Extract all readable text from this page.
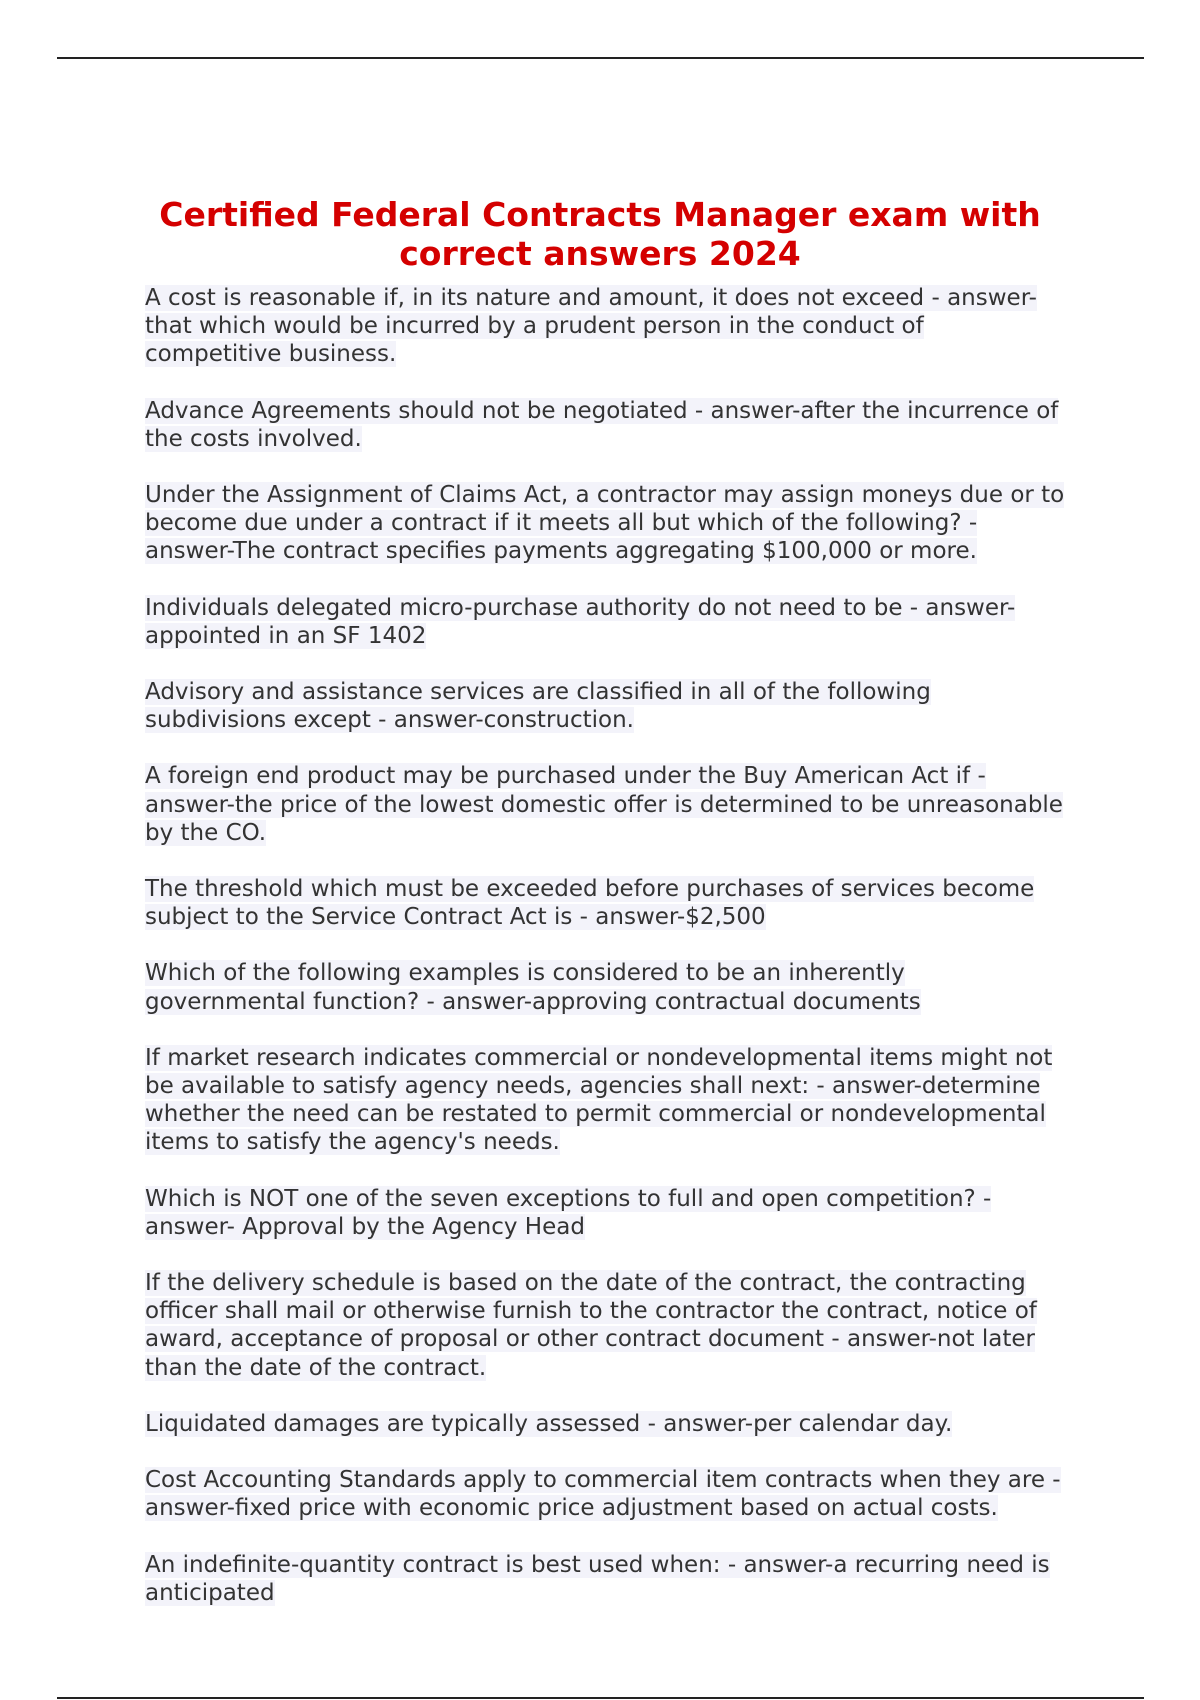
Certified Federal Contracts Manager exam with correct answers 2024
A cost is reasonable if, in its nature and amount, it does not exceed - answer-that which would be incurred by a prudent person in the conduct of competitive business.
Advance Agreements should not be negotiated - answer-after the incurrence of the costs involved.
Under the Assignment of Claims Act, a contractor may assign moneys due or to become due under a contract if it meets all but which of the following? - answer-The contract specifies payments aggregating $100,000 or more.
Individuals delegated micro-purchase authority do not need to be - answer-appointed in an SF 1402
Advisory and assistance services are classified in all of the following subdivisions except - answer-construction.
A foreign end product may be purchased under the Buy American Act if - answer-the price of the lowest domestic offer is determined to be unreasonable by the CO.
The threshold which must be exceeded before purchases of services become subject to the Service Contract Act is - answer-$2,500
Which of the following examples is considered to be an inherently governmental function? - answer-approving contractual documents
If market research indicates commercial or nondevelopmental items might not be available to satisfy agency needs, agencies shall next: - answer-determine whether the need can be restated to permit commercial or nondevelopmental items to satisfy the agency's needs.
Which is NOT one of the seven exceptions to full and open competition? - answer- Approval by the Agency Head
If the delivery schedule is based on the date of the contract, the contracting officer shall mail or otherwise furnish to the contractor the contract, notice of award, acceptance of proposal or other contract document - answer-not later than the date of the contract.
Liquidated damages are typically assessed - answer-per calendar day.
Cost Accounting Standards apply to commercial item contracts when they are - answer-fixed price with economic price adjustment based on actual costs.
An indefinite-quantity contract is best used when: - answer-a recurring need is anticipated
